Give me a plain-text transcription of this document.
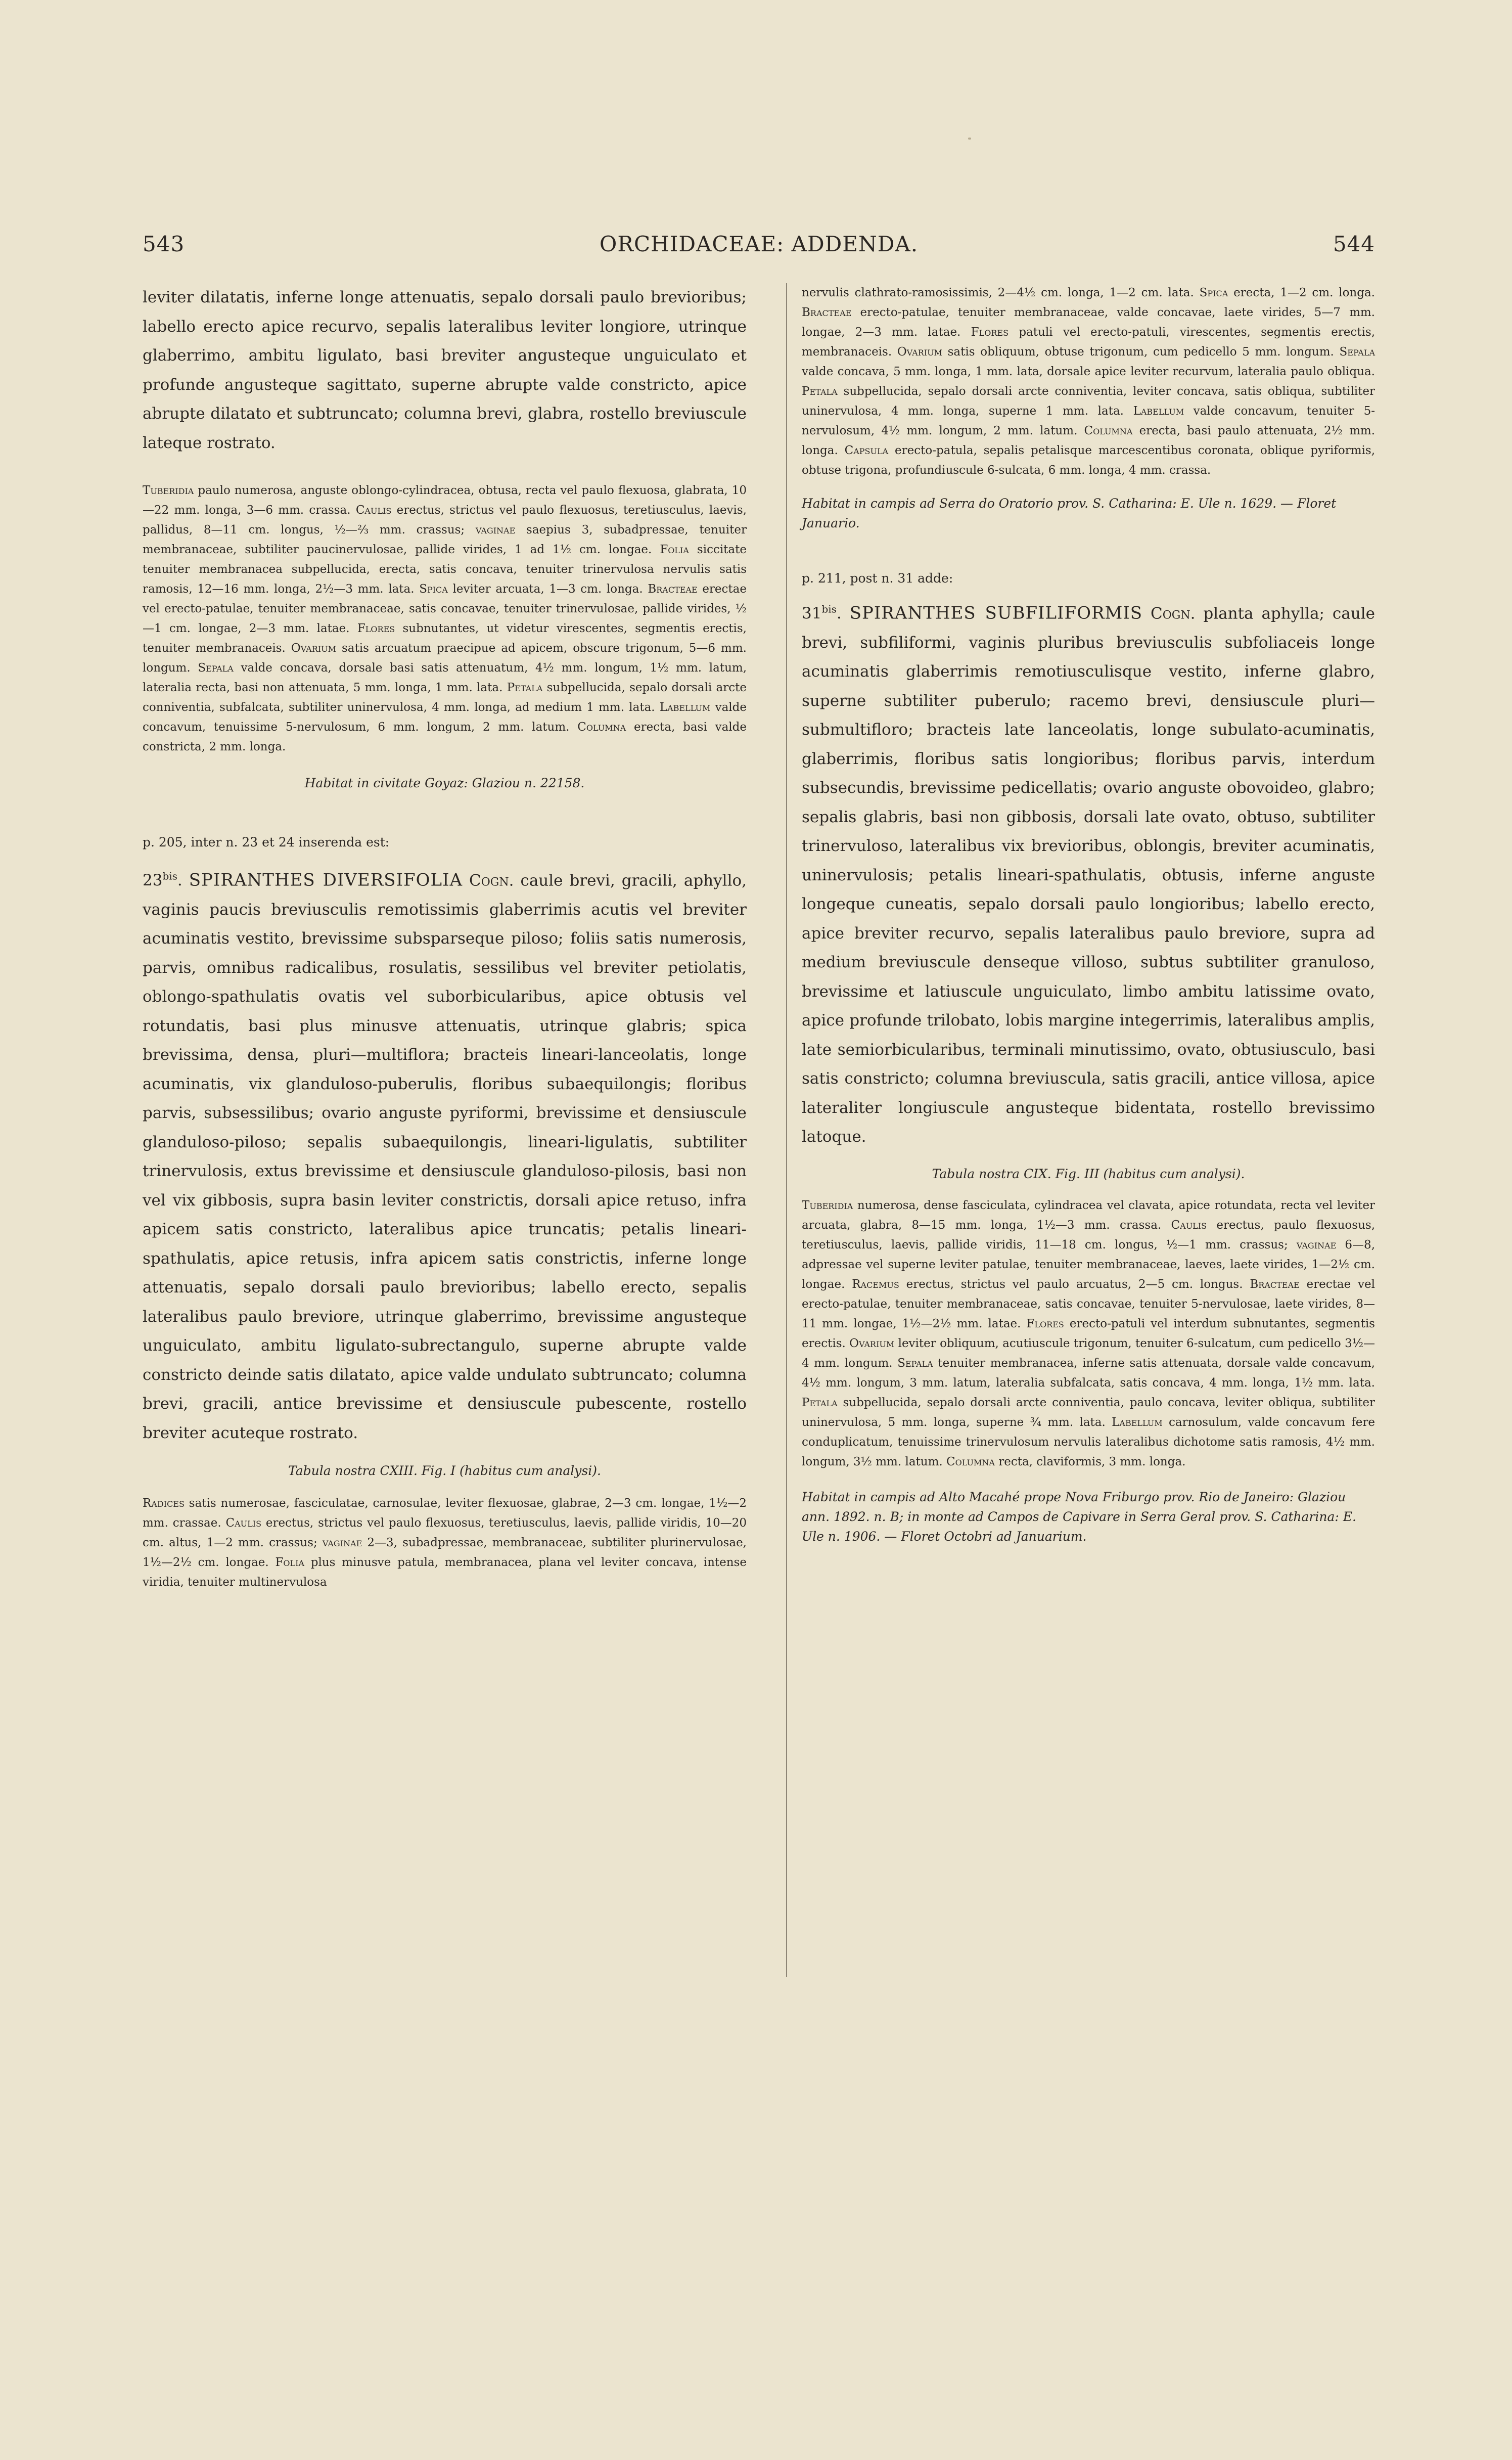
543	ORCHIDACEAE: ADDENDA.	544

leviter dilatatis, inferne longe attenuatis, sepalo dorsali paulo brevioribus; labello erecto apice recurvo, sepalis lateralibus leviter longiore, utrinque glaberrimo, ambitu ligulato, basi breviter angusteque unguiculato et profunde angusteque sagittato, superne abrupte valde constricto, apice abrupte dilatato et subtruncato; columna brevi, glabra, rostello breviuscule lateque rostrato.

Tuberidia paulo numerosa, anguste oblongo-cylindracea, obtusa, recta vel paulo flexuosa, glabrata, 10—22 mm. longa, 3—6 mm. crassa. Caulis erectus, strictus vel paulo flexuosus, teretiusculus, laevis, pallidus, 8—11 cm. longus, ½—⅔ mm. crassus; vaginae saepius 3, subadpressae, tenuiter membranaceae, subtiliter paucinervulosae, pallide virides, 1 ad 1½ cm. longae. Folia siccitate tenuiter membranacea subpellucida, erecta, satis concava, tenuiter trinervulosa nervulis satis ramosis, 12—16 mm. longa, 2½—3 mm. lata. Spica leviter arcuata, 1—3 cm. longa. Bracteae erectae vel erecto-patulae, tenuiter membranaceae, satis concavae, tenuiter trinervulosae, pallide virides, ½—1 cm. longae, 2—3 mm. latae. Flores subnutantes, ut videtur virescentes, segmentis erectis, tenuiter membranaceis. Ovarium satis arcuatum praecipue ad apicem, obscure trigonum, 5—6 mm. longum. Sepala valde concava, dorsale basi satis attenuatum, 4½ mm. longum, 1½ mm. latum, lateralia recta, basi non attenuata, 5 mm. longa, 1 mm. lata. Petala subpellucida, sepalo dorsali arcte conniventia, subfalcata, subtiliter uninervulosa, 4 mm. longa, ad medium 1 mm. lata. Labellum valde concavum, tenuissime 5-nervulosum, 6 mm. longum, 2 mm. latum. Columna erecta, basi valde constricta, 2 mm. longa.

Habitat in civitate Goyaz: Glaziou n. 22158.

p. 205, inter n. 23 et 24 inserenda est:

$23^{bis}$. SPIRANTHES DIVERSIFOLIA Cogn. caule brevi, gracili, aphyllo, vaginis paucis breviusculis remotissimis glaberrimis acutis vel breviter acuminatis vestito, brevissime subsparseque piloso; foliis satis numerosis, parvis, omnibus radicalibus, rosulatis, sessilibus vel breviter petiolatis, oblongo-spathulatis ovatis vel suborbicularibus, apice obtusis vel rotundatis, basi plus minusve attenuatis, utrinque glabris; spica brevissima, densa, pluri—multiflora; bracteis lineari-lanceolatis, longe acuminatis, vix glanduloso-puberulis, floribus subaequilongis; floribus parvis, subsessilibus; ovario anguste pyriformi, brevissime et densiuscule glanduloso-piloso; sepalis subaequilongis, lineari-ligulatis, subtiliter trinervulosis, extus brevissime et densiuscule glanduloso-pilosis, basi non vel vix gibbosis, supra basin leviter constrictis, dorsali apice retuso, infra apicem satis constricto, lateralibus apice truncatis; petalis lineari-spathulatis, apice retusis, infra apicem satis constrictis, inferne longe attenuatis, sepalo dorsali paulo brevioribus; labello erecto, sepalis lateralibus paulo breviore, utrinque glaberrimo, brevissime angusteque unguiculato, ambitu ligulato-subrectangulo, superne abrupte valde constricto deinde satis dilatato, apice valde undulato subtruncato; columna brevi, gracili, antice brevissime et densiuscule pubescente, rostello breviter acuteque rostrato.

Tabula nostra CXIII. Fig. I (habitus cum analysi).

Radices satis numerosae, fasciculatae, carnosulae, leviter flexuosae, glabrae, 2—3 cm. longae, 1½—2 mm. crassae. Caulis erectus, strictus vel paulo flexuosus, teretiusculus, laevis, pallide viridis, 10—20 cm. altus, 1—2 mm. crassus; vaginae 2—3, subadpressae, membranaceae, subtiliter plurinervulosae, 1½—2½ cm. longae. Folia plus minusve patula, membranacea, plana vel leviter concava, intense viridia, tenuiter multinervulosa

nervulis clathrato-ramosissimis, 2—4½ cm. longa, 1—2 cm. lata. Spica erecta, 1—2 cm. longa. Bracteae erecto-patulae, tenuiter membranaceae, valde concavae, laete virides, 5—7 mm. longae, 2—3 mm. latae. Flores patuli vel erecto-patuli, virescentes, segmentis erectis, membranaceis. Ovarium satis obliquum, obtuse trigonum, cum pedicello 5 mm. longum. Sepala valde concava, 5 mm. longa, 1 mm. lata, dorsale apice leviter recurvum, lateralia paulo obliqua. Petala subpellucida, sepalo dorsali arcte conniventia, leviter concava, satis obliqua, subtiliter uninervulosa, 4 mm. longa, superne 1 mm. lata. Labellum valde concavum, tenuiter 5-nervulosum, 4½ mm. longum, 2 mm. latum. Columna erecta, basi paulo attenuata, 2½ mm. longa. Capsula erecto-patula, sepalis petalisque marcescentibus coronata, oblique pyriformis, obtuse trigona, profundiuscule 6-sulcata, 6 mm. longa, 4 mm. crassa.

Habitat in campis ad Serra do Oratorio prov. S. Catharina: E. Ule n. 1629. — Floret Januario.

p. 211, post n. 31 adde:

$31^{bis}$. SPIRANTHES SUBFILIFORMIS Cogn. planta aphylla; caule brevi, subfiliformi, vaginis pluribus breviusculis subfoliaceis longe acuminatis glaberrimis remotiusculisque vestito, inferne glabro, superne subtiliter puberulo; racemo brevi, densiuscule pluri—submultifloro; bracteis late lanceolatis, longe subulato-acuminatis, glaberrimis, floribus satis longioribus; floribus parvis, interdum subsecundis, brevissime pedicellatis; ovario anguste obovoideo, glabro; sepalis glabris, basi non gibbosis, dorsali late ovato, obtuso, subtiliter trinervuloso, lateralibus vix brevioribus, oblongis, breviter acuminatis, uninervulosis; petalis lineari-spathulatis, obtusis, inferne anguste longeque cuneatis, sepalo dorsali paulo longioribus; labello erecto, apice breviter recurvo, sepalis lateralibus paulo breviore, supra ad medium breviuscule denseque villoso, subtus subtiliter granuloso, brevissime et latiuscule unguiculato, limbo ambitu latissime ovato, apice profunde trilobato, lobis margine integerrimis, lateralibus amplis, late semiorbicularibus, terminali minutissimo, ovato, obtusiusculo, basi satis constricto; columna breviuscula, satis gracili, antice villosa, apice lateraliter longiuscule angusteque bidentata, rostello brevissimo latoque.

Tabula nostra CIX. Fig. III (habitus cum analysi).

Tuberidia numerosa, dense fasciculata, cylindracea vel clavata, apice rotundata, recta vel leviter arcuata, glabra, 8—15 mm. longa, 1½—3 mm. crassa. Caulis erectus, paulo flexuosus, teretiusculus, laevis, pallide viridis, 11—18 cm. longus, ½—1 mm. crassus; vaginae 6—8, adpressae vel superne leviter patulae, tenuiter membranaceae, laeves, laete virides, 1—2½ cm. longae. Racemus erectus, strictus vel paulo arcuatus, 2—5 cm. longus. Bracteae erectae vel erecto-patulae, tenuiter membranaceae, satis concavae, tenuiter 5-nervulosae, laete virides, 8—11 mm. longae, 1½—2½ mm. latae. Flores erecto-patuli vel interdum subnutantes, segmentis erectis. Ovarium leviter obliquum, acutiuscule trigonum, tenuiter 6-sulcatum, cum pedicello 3½—4 mm. longum. Sepala tenuiter membranacea, inferne satis attenuata, dorsale valde concavum, 4½ mm. longum, 3 mm. latum, lateralia subfalcata, satis concava, 4 mm. longa, 1½ mm. lata. Petala subpellucida, sepalo dorsali arcte conniventia, paulo concava, leviter obliqua, subtiliter uninervulosa, 5 mm. longa, superne ¾ mm. lata. Labellum carnosulum, valde concavum fere conduplicatum, tenuissime trinervulosum nervulis lateralibus dichotome satis ramosis, 4½ mm. longum, 3½ mm. latum. Columna recta, claviformis, 3 mm. longa.

Habitat in campis ad Alto Macahé prope Nova Friburgo prov. Rio de Janeiro: Glaziou ann. 1892. n. B; in monte ad Campos de Capivare in Serra Geral prov. S. Catharina: E. Ule n. 1906. — Floret Octobri ad Januarium.
